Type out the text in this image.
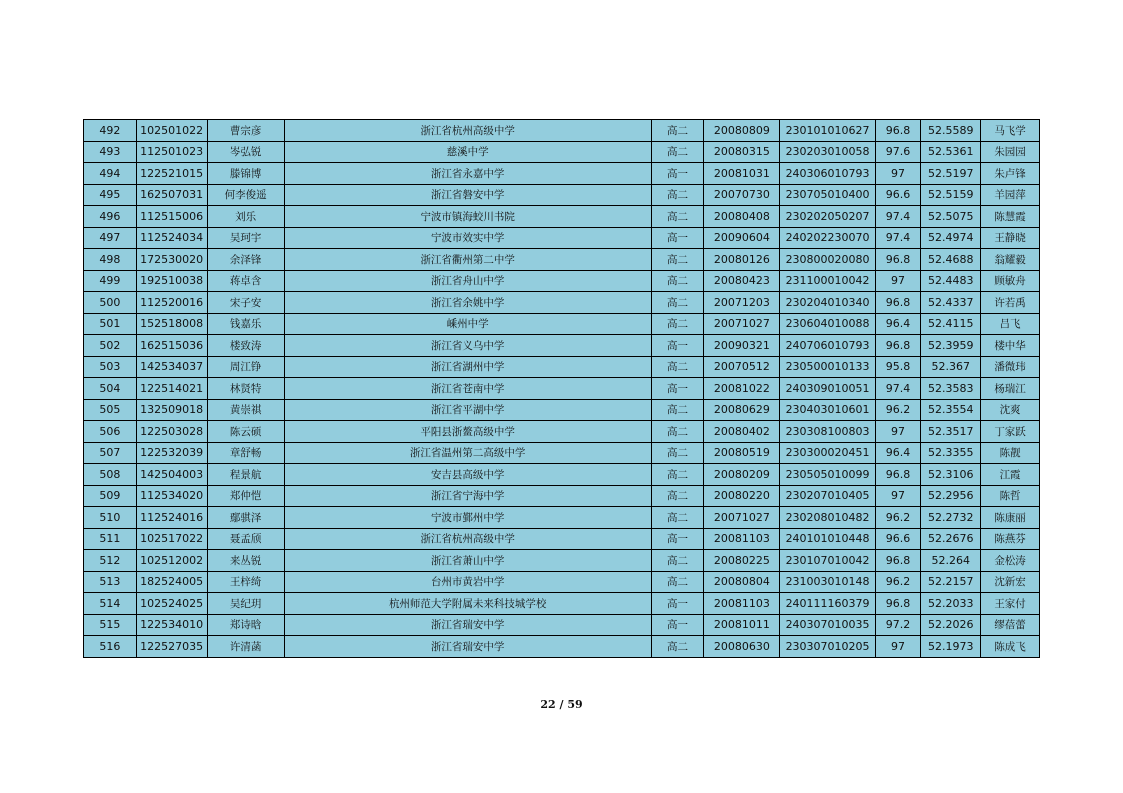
492	102501022	曹宗彦	浙江省杭州高级中学	高二	20080809	230101010627	96.8	52.5589	马飞学
493	112501023	岑弘锐	慈溪中学	高二	20080315	230203010058	97.6	52.5361	朱园园
494	122521015	滕锦博	浙江省永嘉中学	高一	20081031	240306010793	97	52.5197	朱卢锋
495	162507031	何李俊遥	浙江省磐安中学	高二	20070730	230705010400	96.6	52.5159	羊园萍
496	112515006	刘乐	宁波市镇海蛟川书院	高二	20080408	230202050207	97.4	52.5075	陈慧霞
497	112524034	吴珂宇	宁波市效实中学	高一	20090604	240202230070	97.4	52.4974	王静晓
498	172530020	余泽锋	浙江省衢州第二中学	高二	20080126	230800020080	96.8	52.4688	翁耀毅
499	192510038	蒋卓含	浙江省舟山中学	高二	20080423	231100010042	97	52.4483	顾敏舟
500	112520016	宋子安	浙江省余姚中学	高二	20071203	230204010340	96.8	52.4337	许若禹
501	152518008	钱嘉乐	嵊州中学	高二	20071027	230604010088	96.4	52.4115	吕飞
502	162515036	楼致涛	浙江省义乌中学	高一	20090321	240706010793	96.8	52.3959	楼中华
503	142534037	周江铮	浙江省湖州中学	高二	20070512	230500010133	95.8	52.367	潘微玮
504	122514021	林贤特	浙江省苍南中学	高一	20081022	240309010051	97.4	52.3583	杨瑞江
505	132509018	黄崇祺	浙江省平湖中学	高二	20080629	230403010601	96.2	52.3554	沈爽
506	122503028	陈云硕	平阳县浙鳌高级中学	高二	20080402	230308100803	97	52.3517	丁家跃
507	122532039	章舒畅	浙江省温州第二高级中学	高二	20080519	230300020451	96.4	52.3355	陈靓
508	142504003	程景航	安吉县高级中学	高二	20080209	230505010099	96.8	52.3106	江霞
509	112534020	郑仲恺	浙江省宁海中学	高二	20080220	230207010405	97	52.2956	陈哲
510	112524016	鄢骐泽	宁波市鄞州中学	高二	20071027	230208010482	96.2	52.2732	陈康丽
511	102517022	聂孟颀	浙江省杭州高级中学	高一	20081103	240101010448	96.6	52.2676	陈燕芬
512	102512002	来丛锐	浙江省萧山中学	高二	20080225	230107010042	96.8	52.264	金松涛
513	182524005	王梓绮	台州市黄岩中学	高二	20080804	231003010148	96.2	52.2157	沈新宏
514	102524025	吴纪玥	杭州师范大学附属未来科技城学校	高一	20081103	240111160379	96.8	52.2033	王家付
515	122534010	郑诗晗	浙江省瑞安中学	高一	20081011	240307010035	97.2	52.2026	缪蓓蕾
516	122527035	许清菡	浙江省瑞安中学	高二	20080630	230307010205	97	52.1973	陈成飞
22 / 59
